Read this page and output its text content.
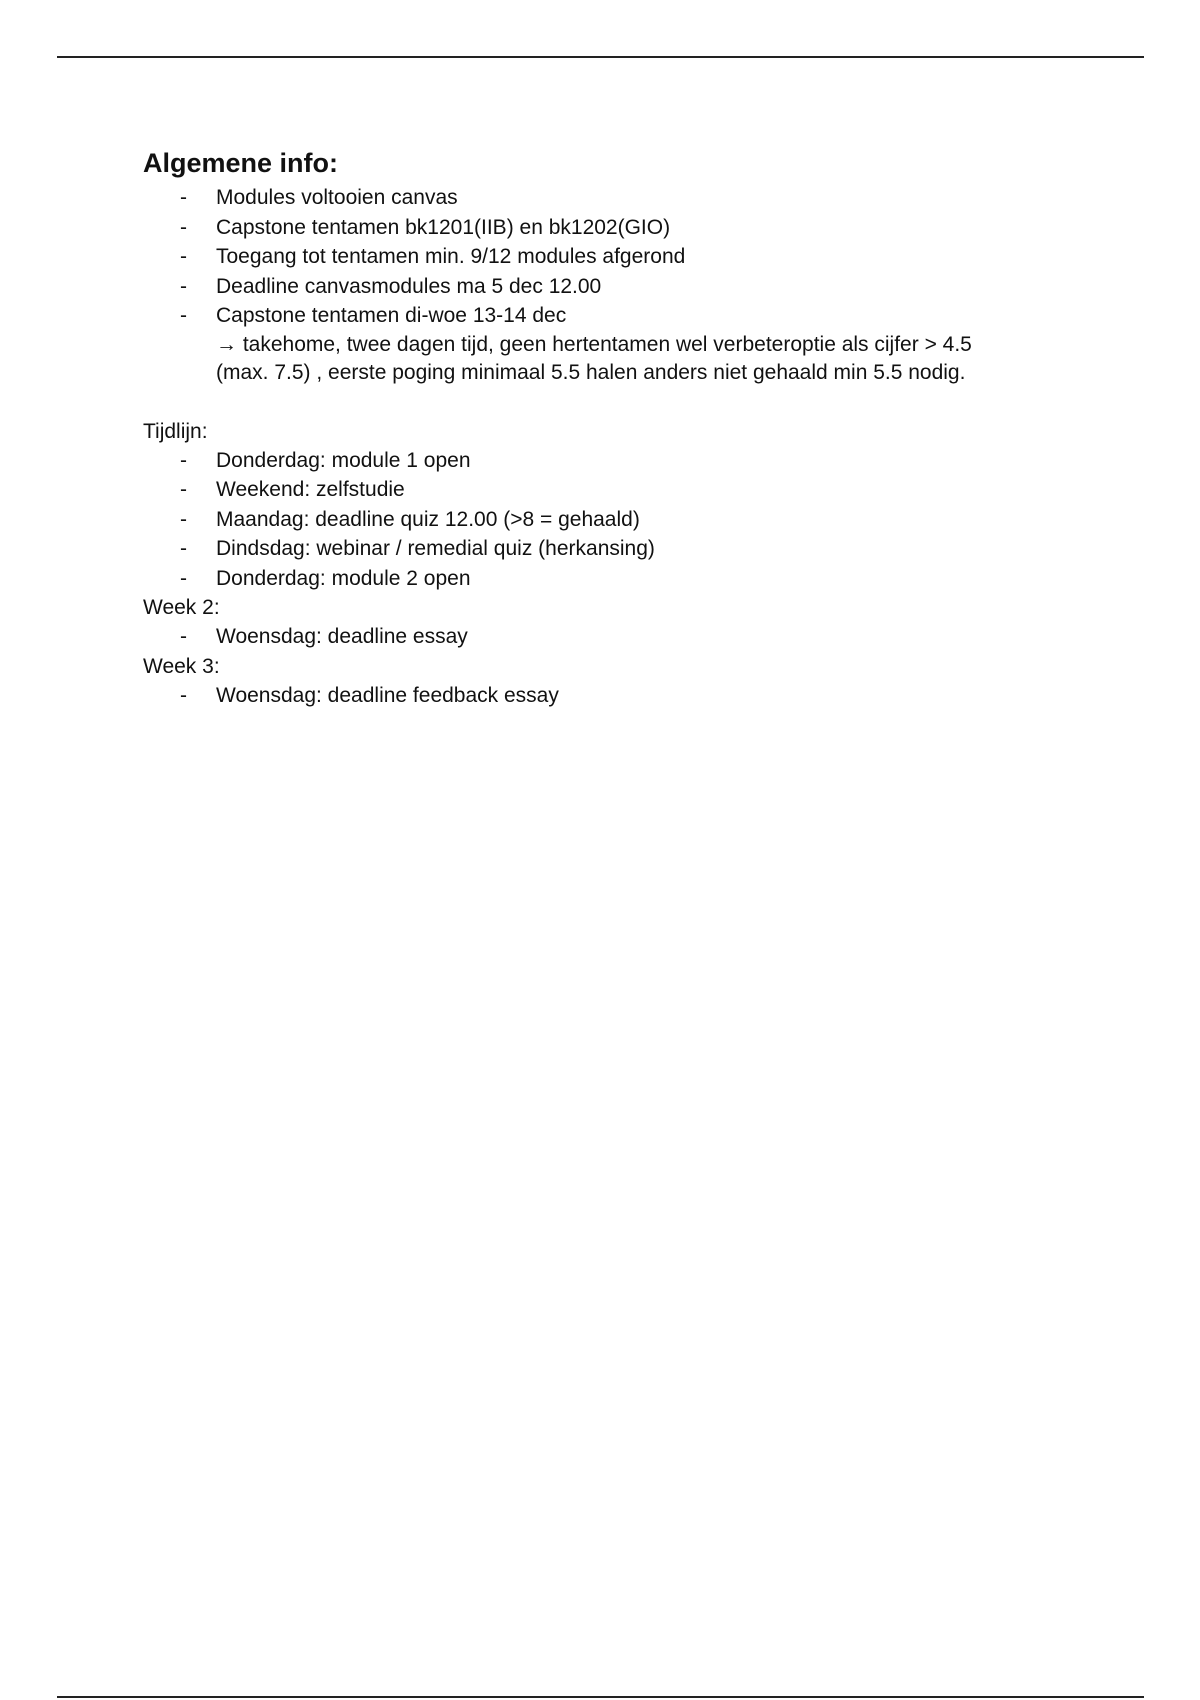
Algemene info:
- Modules voltooien canvas
- Capstone tentamen bk1201(IIB) en bk1202(GIO)
- Toegang tot tentamen min. 9/12 modules afgerond
- Deadline canvasmodules ma 5 dec 12.00
- Capstone tentamen di-woe 13-14 dec
→ takehome, twee dagen tijd, geen hertentamen wel verbeteroptie als cijfer > 4.5
(max. 7.5) , eerste poging minimaal 5.5 halen anders niet gehaald min 5.5 nodig.

Tijdlijn:

- Donderdag: module 1 open
- Weekend: zelfstudie
- Maandag: deadline quiz 12.00 (>8 = gehaald)
- Dindsdag: webinar / remedial quiz (herkansing)
- Donderdag: module 2 open

Week 2:

- Woensdag: deadline essay

Week 3:

- Woensdag: deadline feedback essay
